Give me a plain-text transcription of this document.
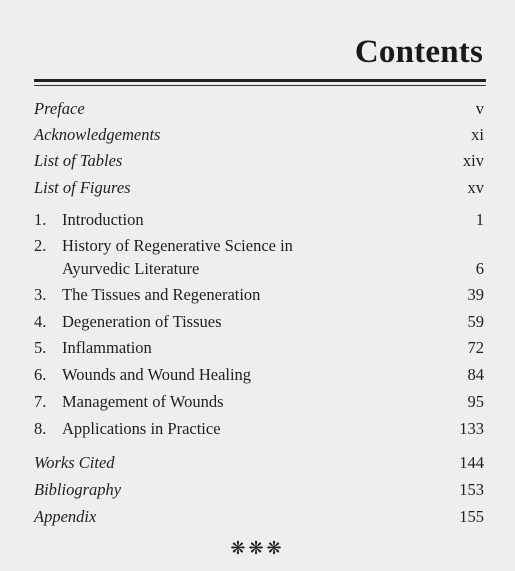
Contents
Preface	v
Acknowledgements	xi
List of Tables	xiv
List of Figures	xv
1. Introduction	1
2. History of Regenerative Science in
Ayurvedic Literature	6
3. The Tissues and Regeneration	39
4. Degeneration of Tissues	59
5. Inflammation	72
6. Wounds and Wound Healing	84
7. Management of Wounds	95
8. Applications in Practice	133
Works Cited	144
Bibliography	153
Appendix	155
❋❋❋
